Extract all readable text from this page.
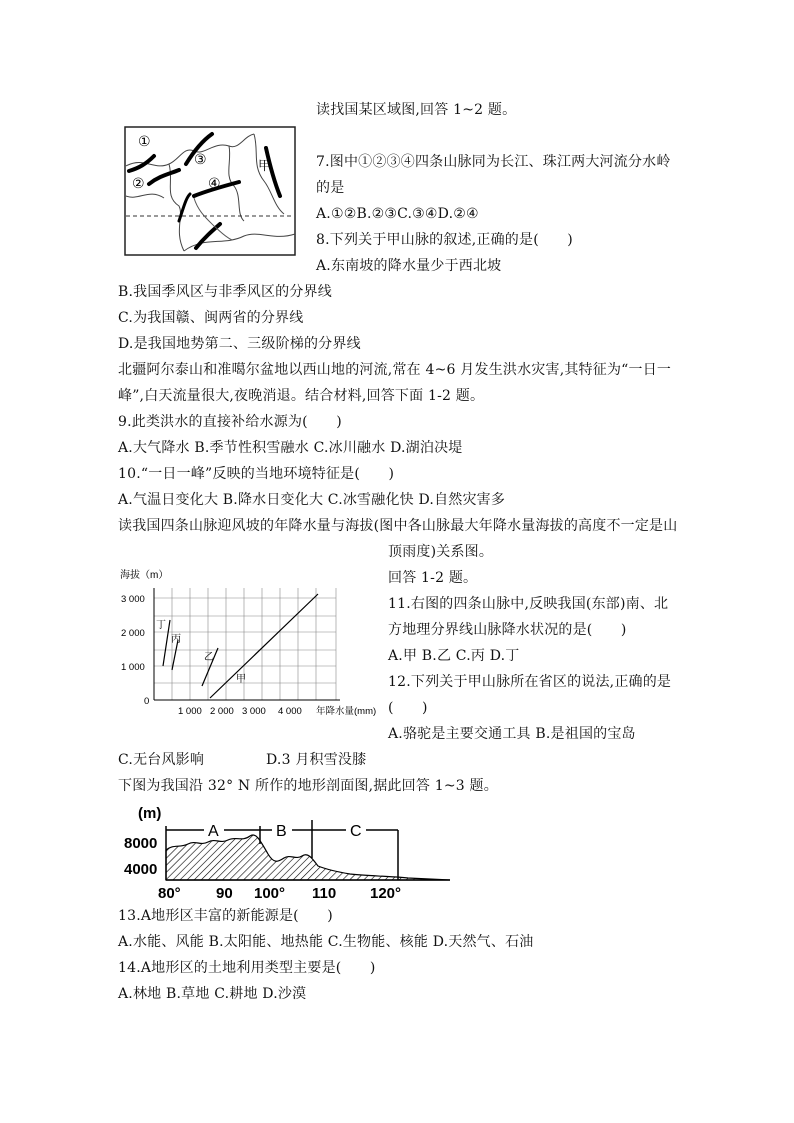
读找国某区域图,回答 1~2 题。
①
②
③
④
甲	7.图中①②③④四条山脉同为长江、珠江两大河流分水岭
的是
A.①②B.②③C.③④D.②④
8.下列关于甲山脉的叙述,正确的是(　　)
A.东南坡的降水量少于西北坡
B.我国季风区与非季风区的分界线
C.为我国赣、闽两省的分界线
D.是我国地势第二、三级阶梯的分界线
北疆阿尔泰山和准噶尔盆地以西山地的河流,常在 4~6 月发生洪水灾害,其特征为“一日一
峰”,白天流量很大,夜晚消退。结合材料,回答下面 1-2 题。
9.此类洪水的直接补给水源为(　　)
A.大气降水 B.季节性积雪融水 C.冰川融水 D.湖泊决堤
10.“一日一峰”反映的当地环境特征是(　　)
A.气温日变化大 B.降水日变化大 C.冰雪融化快 D.自然灾害多
读我国四条山脉迎风坡的年降水量与海拔(图中各山脉最大年降水量海拔的高度不一定是山
顶雨度)关系图。
回答 1-2 题。
海拔（m）
3 000
2 000
1 000
0
1 000 2 000 3 000 4 000 年降水量(mm)
丁
丙
乙
甲
11.右图的四条山脉中,反映我国(东部)南、北
方地理分界线山脉降水状况的是(　　)
A.甲 B.乙 C.丙 D.丁
12.下列关于甲山脉所在省区的说法,正确的是
(　　)
A.骆驼是主要交通工具 B.是祖国的宝岛
C.无台风影响	D.3 月积雪没膝
下图为我国沿 32° N 所作的地形剖面图,据此回答 1~3 题。
(m)
8000
4000
A	B	C
80° 90 100° 110 120°
13.A地形区丰富的新能源是(　　)
A.水能、风能 B.太阳能、地热能 C.生物能、核能 D.天然气、石油
14.A地形区的土地利用类型主要是(　　)
A.林地 B.草地 C.耕地 D.沙漠
